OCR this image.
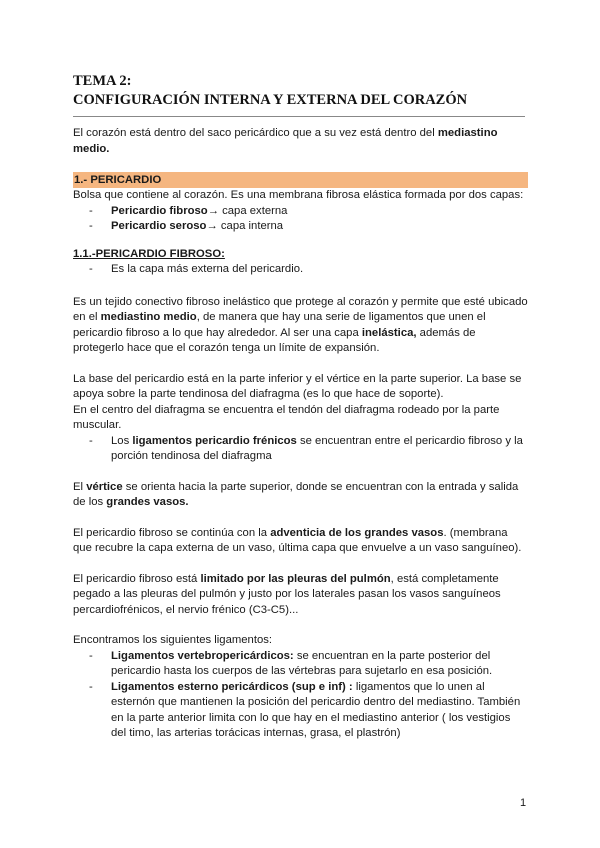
TEMA 2:
CONFIGURACIÓN INTERNA Y EXTERNA DEL CORAZÓN

El corazón está dentro del saco pericárdico que a su vez está dentro del mediastino medio.

1.- PERICARDIO

Bolsa que contiene al corazón. Es una membrana fibrosa elástica formada por dos capas:

- Pericardio fibroso→ capa externa
- Pericardio seroso→ capa interna
1.1.-PERICARDIO FIBROSO:
- Es la capa más externa del pericardio.

Es un tejido conectivo fibroso inelástico que protege al corazón y permite que esté ubicado en el mediastino medio, de manera que hay una serie de ligamentos que unen el pericardio fibroso a lo que hay alrededor. Al ser una capa inelástica, además de protegerlo hace que el corazón tenga un límite de expansión.

La base del pericardio está en la parte inferior y el vértice en la parte superior. La base se apoya sobre la parte tendinosa del diafragma (es lo que hace de soporte).

En el centro del diafragma se encuentra el tendón del diafragma rodeado por la parte muscular.

- Los ligamentos pericardio frénicos se encuentran entre el pericardio fibroso y la porción tendinosa del diafragma

El vértice se orienta hacia la parte superior, donde se encuentran con la entrada y salida de los grandes vasos.

El pericardio fibroso se continúa con la adventicia de los grandes vasos. (membrana que recubre la capa externa de un vaso, última capa que envuelve a un vaso sanguíneo).

El pericardio fibroso está limitado por las pleuras del pulmón, está completamente pegado a las pleuras del pulmón y justo por los laterales pasan los vasos sanguíneos percardiofrénicos, el nervio frénico (C3-C5)...

Encontramos los siguientes ligamentos:

- Ligamentos vertebropericárdicos: se encuentran en la parte posterior del pericardio hasta los cuerpos de las vértebras para sujetarlo en esa posición.
- Ligamentos esterno pericárdicos (sup e inf) : ligamentos que lo unen al esternón que mantienen la posición del pericardio dentro del mediastino. También en la parte anterior limita con lo que hay en el mediastino anterior ( los vestigios del timo, las arterias torácicas internas, grasa, el plastrón)
1
